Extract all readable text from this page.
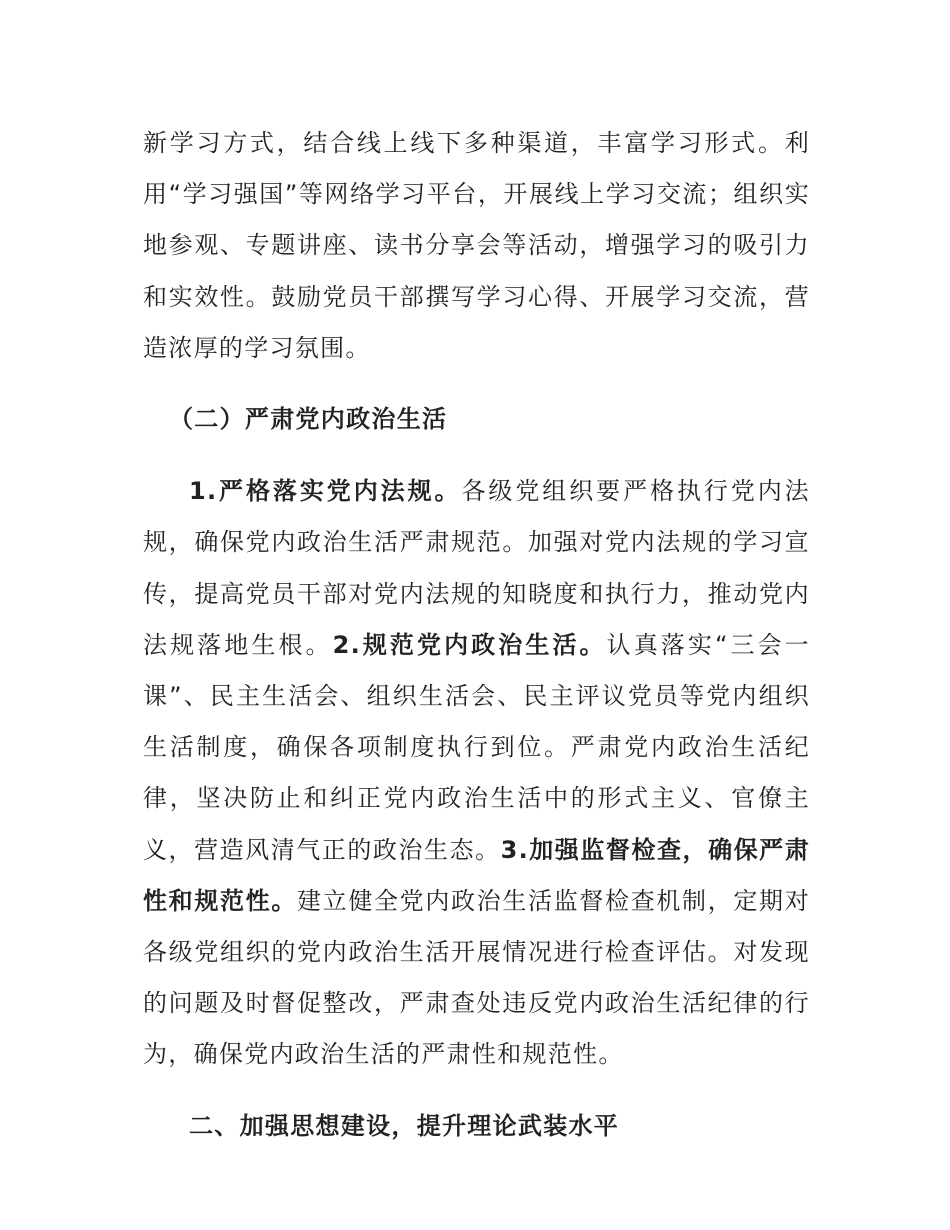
新学习方式，结合线上线下多种渠道，丰富学习形式。利用“学习强国”等网络学习平台，开展线上学习交流；组织实地参观、专题讲座、读书分享会等活动，增强学习的吸引力和实效性。鼓励党员干部撰写学习心得、开展学习交流，营造浓厚的学习氛围。

（二）严肃党内政治生活

1.严格落实党内法规。各级党组织要严格执行党内法规，确保党内政治生活严肃规范。加强对党内法规的学习宣传，提高党员干部对党内法规的知晓度和执行力，推动党内法规落地生根。2.规范党内政治生活。认真落实“三会一课”、民主生活会、组织生活会、民主评议党员等党内组织生活制度，确保各项制度执行到位。严肃党内政治生活纪律，坚决防止和纠正党内政治生活中的形式主义、官僚主义，营造风清气正的政治生态。3.加强监督检查，确保严肃性和规范性。建立健全党内政治生活监督检查机制，定期对各级党组织的党内政治生活开展情况进行检查评估。对发现的问题及时督促整改，严肃查处违反党内政治生活纪律的行为，确保党内政治生活的严肃性和规范性。

二、加强思想建设，提升理论武装水平
